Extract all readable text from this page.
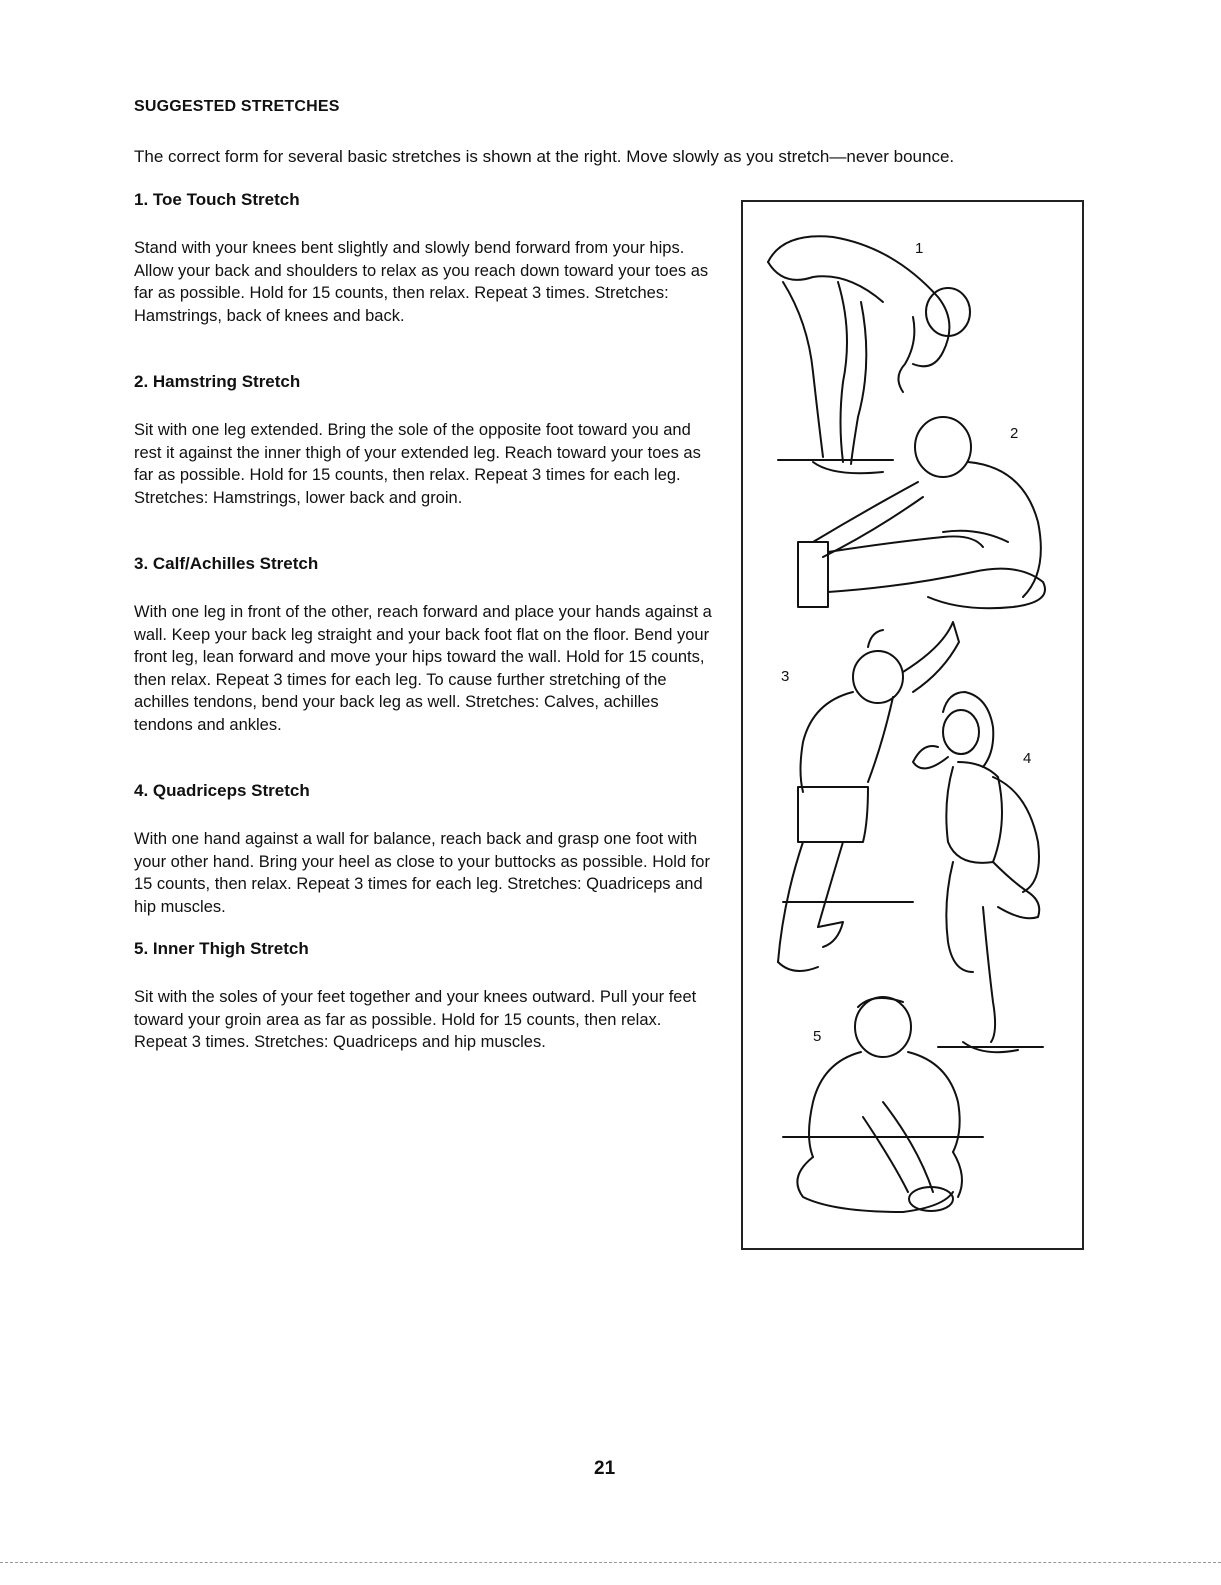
SUGGESTED STRETCHES
The correct form for several basic stretches is shown at the right. Move slowly as you stretch—never bounce.
1. Toe Touch Stretch

Stand with your knees bent slightly and slowly bend forward from your hips. Allow your back and shoulders to relax as you reach down toward your toes as far as possible. Hold for 15 counts, then relax. Repeat 3 times. Stretches: Hamstrings, back of knees and back.

2. Hamstring Stretch

Sit with one leg extended. Bring the sole of the opposite foot toward you and rest it against the inner thigh of your extended leg. Reach toward your toes as far as possible. Hold for 15 counts, then relax. Repeat 3 times for each leg. Stretches: Hamstrings, lower back and groin.

3. Calf/Achilles Stretch

With one leg in front of the other, reach forward and place your hands against a wall. Keep your back leg straight and your back foot flat on the floor. Bend your front leg, lean forward and move your hips toward the wall. Hold for 15 counts, then relax. Repeat 3 times for each leg. To cause further stretching of the achilles tendons, bend your back leg as well. Stretches: Calves, achilles tendons and ankles.

4. Quadriceps Stretch

With one hand against a wall for balance, reach back and grasp one foot with your other hand. Bring your heel as close to your buttocks as possible. Hold for 15 counts, then relax. Repeat 3 times for each leg. Stretches: Quadriceps and hip muscles.

5. Inner Thigh Stretch

Sit with the soles of your feet together and your knees outward. Pull your feet toward your groin area as far as possible. Hold for 15 counts, then relax. Repeat 3 times. Stretches: Quadriceps and hip muscles.

1
2
3
4
5
21
